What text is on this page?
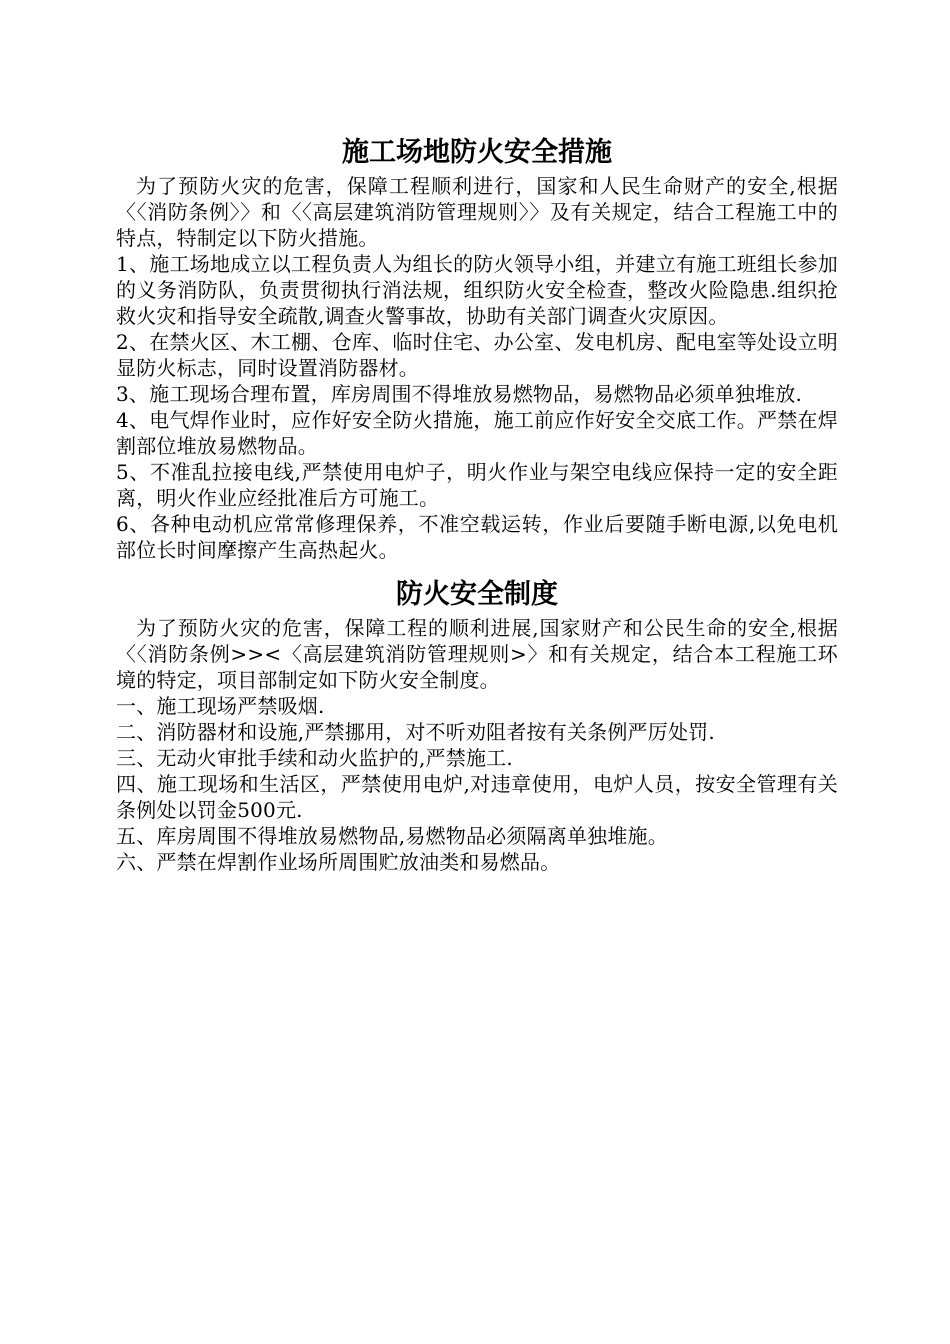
施工场地防火安全措施

为了预防火灾的危害，保障工程顺利进行，国家和人民生命财产的安全,根据〈〈消防条例〉〉和〈〈高层建筑消防管理规则〉〉及有关规定，结合工程施工中的特点，特制定以下防火措施。

1、施工场地成立以工程负责人为组长的防火领导小组，并建立有施工班组长参加的义务消防队，负责贯彻执行消法规，组织防火安全检查，整改火险隐患.组织抢救火灾和指导安全疏散,调查火警事故，协助有关部门调查火灾原因。

2、在禁火区、木工棚、仓库、临时住宅、办公室、发电机房、配电室等处设立明显防火标志，同时设置消防器材。

3、施工现场合理布置，库房周围不得堆放易燃物品，易燃物品必须单独堆放.

4、电气焊作业时，应作好安全防火措施，施工前应作好安全交底工作。严禁在焊割部位堆放易燃物品。

5、不准乱拉接电线,严禁使用电炉子，明火作业与架空电线应保持一定的安全距离，明火作业应经批准后方可施工。

6、各种电动机应常常修理保养，不准空载运转，作业后要随手断电源,以免电机部位长时间摩擦产生高热起火。

防火安全制度

为了预防火灾的危害，保障工程的顺利进展,国家财产和公民生命的安全,根据〈〈消防条例>><〈高层建筑消防管理规则>〉和有关规定，结合本工程施工环境的特定，项目部制定如下防火安全制度。

一、施工现场严禁吸烟.

二、消防器材和设施,严禁挪用，对不听劝阻者按有关条例严厉处罚.

三、无动火审批手续和动火监护的,严禁施工.

四、施工现场和生活区，严禁使用电炉,对违章使用，电炉人员，按安全管理有关条例处以罚金500元.

五、库房周围不得堆放易燃物品,易燃物品必须隔离单独堆施。

六、严禁在焊割作业场所周围贮放油类和易燃品。
